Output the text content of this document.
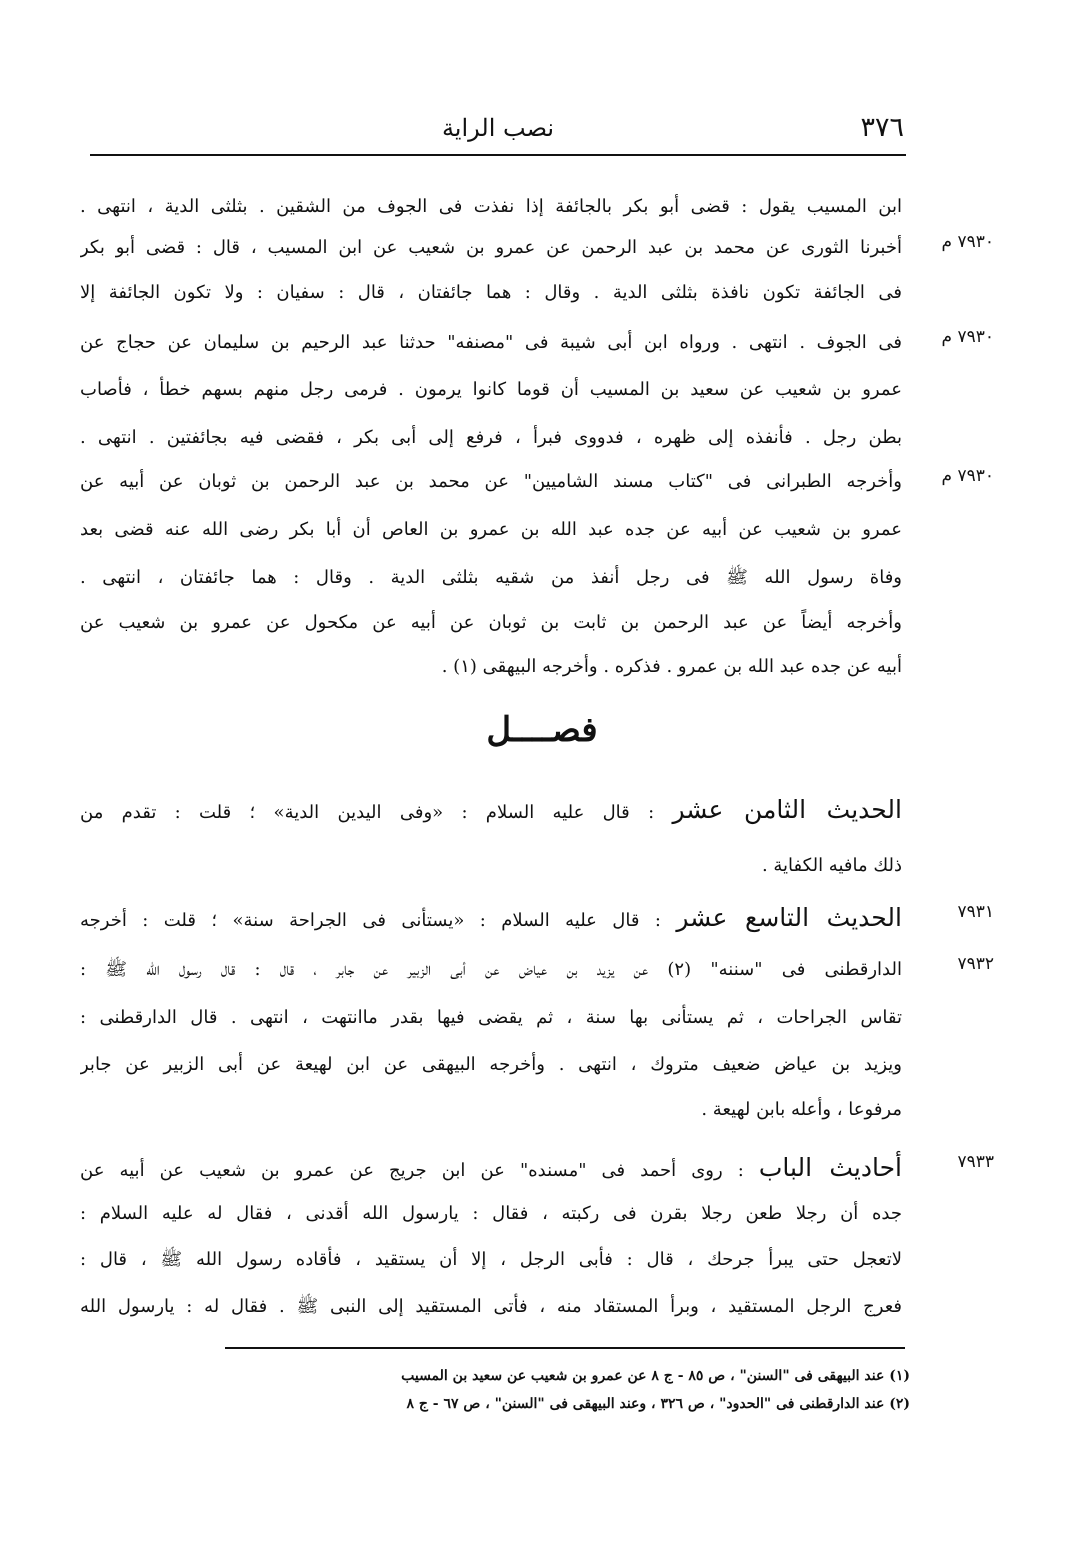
٣٧٦
نصب الراية
ابن المسيب يقول : قضى أبو بكر بالجائفة إذا نفذت فى الجوف من الشقين . بثلثى الدية ، انتهى .
٧٩٣٠ م
أخبرنا الثورى عن محمد بن عبد الرحمن عن عمرو بن شعيب عن ابن المسيب ، قال : قضى أبو بكر
فى الجائفة تكون نافذة بثلثى الدية . وقال : هما جائفتان ، قال : سفيان : ولا تكون الجائفة إلا
٧٩٣٠ م
فى الجوف . انتهى . ورواه ابن أبى شيبة فى "مصنفه" حدثنا عبد الرحيم بن سليمان عن حجاج عن
عمرو بن شعيب عن سعيد بن المسيب أن قوما كانوا يرمون . فرمى رجل منهم بسهم خطأ ، فأصاب
بطن رجل . فأنفذه إلى ظهره ، فدووى فبرأ ، فرفع إلى أبى بكر ، فقضى فيه بجائفتين . انتهى .
٧٩٣٠ م
وأخرجه الطبرانى فى "كتاب مسند الشاميين" عن محمد بن عبد الرحمن بن ثوبان عن أبيه عن
عمرو بن شعيب عن أبيه عن جده عبد الله بن عمرو بن العاص أن أبا بكر رضى الله عنه قضى بعد
وفاة رسول الله ﷺ فى رجل أنفذ من شقيه بثلثى الدية . وقال : هما جائفتان ، انتهى .
وأخرجه أيضاً عن عبد الرحمن بن ثابت بن ثوبان عن أبيه عن مكحول عن عمرو بن شعيب عن
أبيه عن جده عبد الله بن عمرو . فذكره . وأخرجه البيهقى (١) .
فصــــل
الحديث الثامن عشر : قال عليه السلام : «وفى اليدين الدية» ؛ قلت : تقدم من
ذلك مافيه الكفاية .
٧٩٣١
الحديث التاسع عشر : قال عليه السلام : «يستأنى فى الجراحة سنة» ؛ قلت : أخرجه
٧٩٣٢
الدارقطنى فى "سننه" (٢) عن يزيد بن عياض عن أبى الزبير عن جابر ، قال : قال رسول الله ﷺ :
تقاس الجراحات ، ثم يستأنى بها سنة ، ثم يقضى فيها بقدر ماانتهت ، انتهى . قال الدارقطنى :
ويزيد بن عياض ضعيف متروك ، انتهى . وأخرجه البيهقى عن ابن لهيعة عن أبى الزبير عن جابر
مرفوعا ، وأعله بابن لهيعة .
٧٩٣٣
أحاديث الباب : روى أحمد فى "مسنده" عن ابن جريج عن عمرو بن شعيب عن أبيه عن
جده أن رجلا طعن رجلا بقرن فى ركبته ، فقال : يارسول الله أقدنى ، فقال له عليه السلام :
لاتعجل حتى يبرأ جرحك ، قال : فأبى الرجل ، إلا أن يستقيد ، فأقاده رسول الله ﷺ ، قال :
فعرج الرجل المستقيد ، وبرأ المستقاد منه ، فأتى المستقيد إلى النبى ﷺ . فقال له : يارسول الله
(١) عند البيهقى فى "السنن" ، ص ٨٥ - ج ٨ عن عمرو بن شعيب عن سعيد بن المسيب
(٢) عند الدارقطنى فى "الحدود" ، ص ٣٢٦ ، وعند البيهقى فى "السنن" ، ص ٦٧ - ج ٨
